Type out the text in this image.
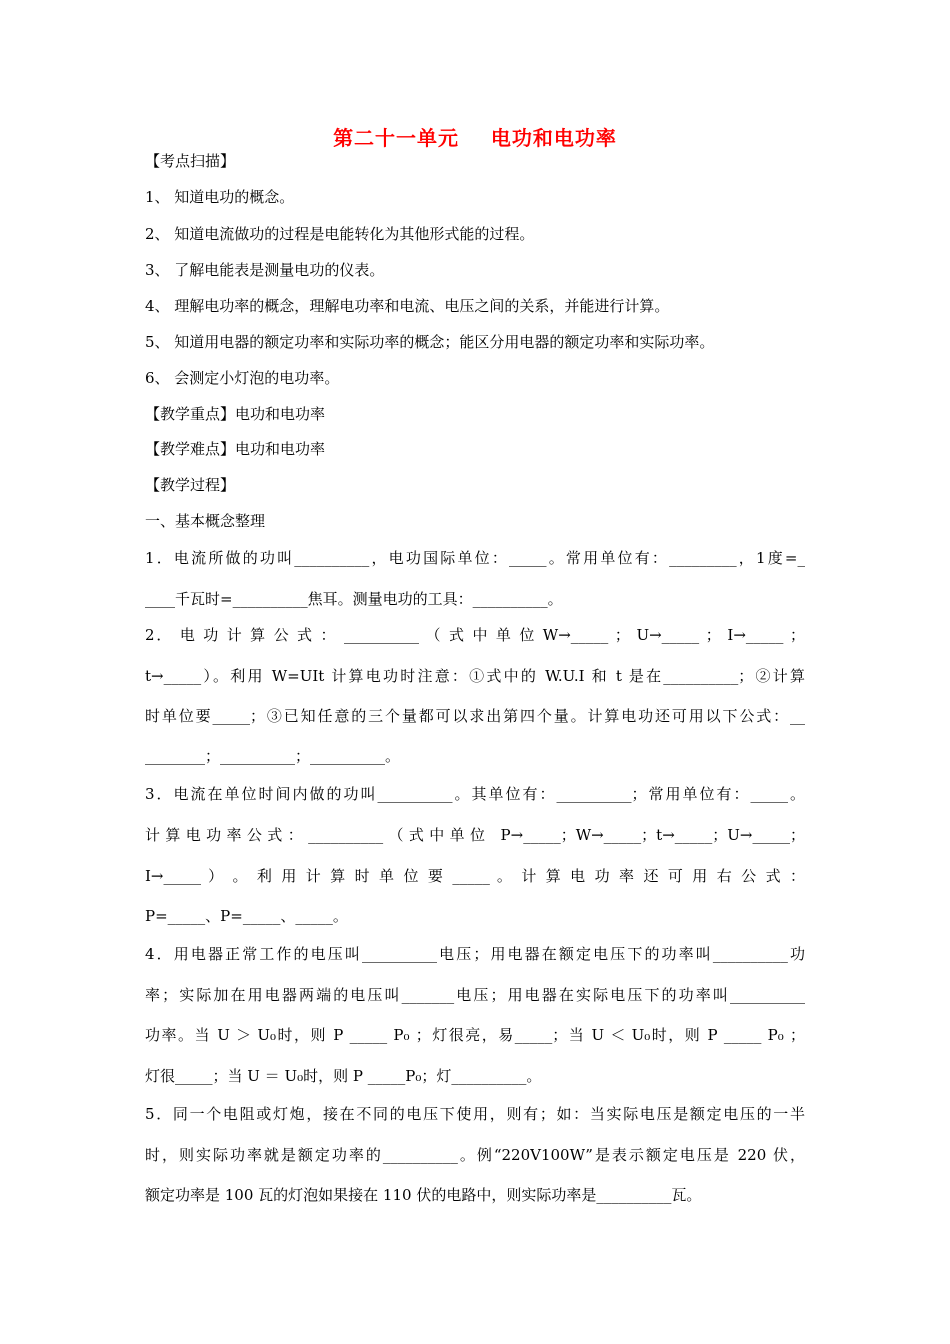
第二十一单元    电功和电功率
【考点扫描】
1、 知道电功的概念。
2、 知道电流做功的过程是电能转化为其他形式能的过程。
3、 了解电能表是测量电功的仪表。
4、 理解电功率的概念，理解电功率和电流、电压之间的关系，并能进行计算。
5、 知道用电器的额定功率和实际功率的概念；能区分用电器的额定功率和实际功率。
6、 会测定小灯泡的电功率。
【教学重点】电功和电功率
【教学难点】电功和电功率
【教学过程】
一、基本概念整理
1．电流所做的功叫__________，电功国际单位：_____。常用单位有：_________，1度=_
____千瓦时=__________焦耳。测量电功的工具：__________。
2． 电 功 计 算 公 式 ： __________ （ 式 中 单 位 W→_____ ； U→_____ ； I→_____ ；
t→_____）。利用 W=UIt 计算电功时注意：①式中的 W.U.I 和 t 是在__________；②计算
时单位要_____；③已知任意的三个量都可以求出第四个量。计算电功还可用以下公式：__
________；__________；__________。
3．电流在单位时间内做的功叫__________。其单位有：__________；常用单位有：_____。
计算电功率公式：__________（式中单位 P→_____；W→_____；t→_____；U→_____；
I→_____ ） 。 利 用 计 算 时 单 位 要 _____ 。 计 算 电 功 率 还 可 用 右 公 式 ：
P=_____、P=_____、_____。
4．用电器正常工作的电压叫__________电压；用电器在额定电压下的功率叫__________功
率；实际加在用电器两端的电压叫_______电压；用电器在实际电压下的功率叫__________
功率。当 U ＞ U₀时，则 P _____ P₀ ；灯很亮，易_____；当 U ＜ U₀时，则 P _____ P₀ ；
灯很_____；当 U ＝ U₀时，则 P _____P₀；灯__________。
5．同一个电阻或灯炮，接在不同的电压下使用，则有；如：当实际电压是额定电压的一半
时，则实际功率就是额定功率的__________。例“220V100W”是表示额定电压是 220 伏，
额定功率是 100 瓦的灯泡如果接在 110 伏的电路中，则实际功率是__________瓦。
